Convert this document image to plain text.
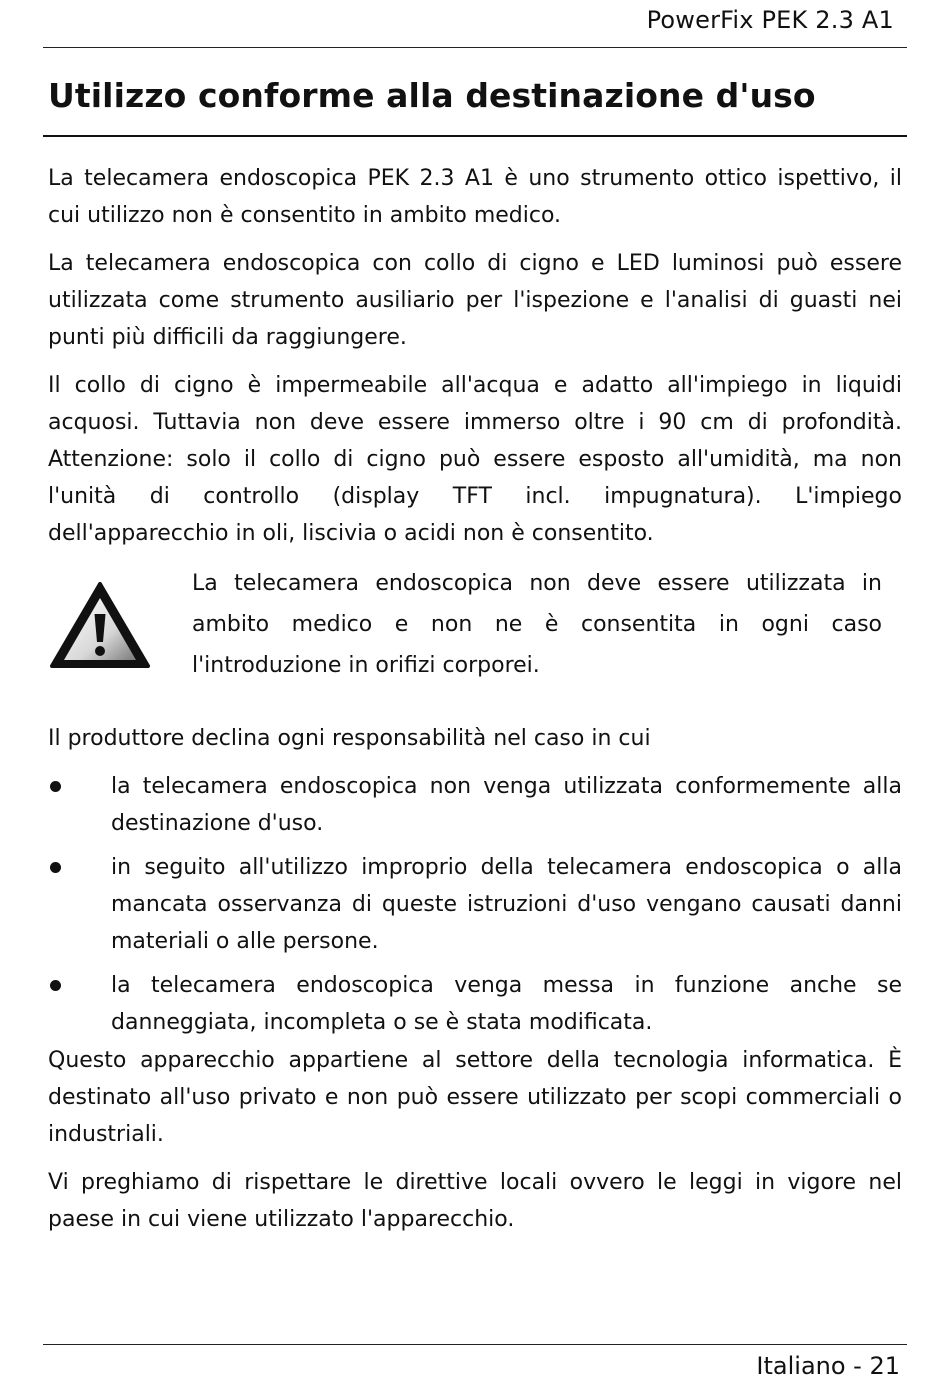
PowerFix PEK 2.3 A1
Utilizzo conforme alla destinazione d'uso

La telecamera endoscopica PEK 2.3 A1 è uno strumento ottico ispettivo, il cui utilizzo non è consentito in ambito medico.

La telecamera endoscopica con collo di cigno e LED luminosi può essere utilizzata come strumento ausiliario per l'ispezione e l'analisi di guasti nei punti più difficili da raggiungere.

Il collo di cigno è impermeabile all'acqua e adatto all'impiego in liquidi acquosi. Tuttavia non deve essere immerso oltre i 90 cm di profondità. Attenzione: solo il collo di cigno può essere esposto all'umidità, ma non l'unità di controllo (display TFT incl. impugnatura). L'impiego dell'apparecchio in oli, liscivia o acidi non è consentito.

La telecamera endoscopica non deve essere utilizzata in ambito medico e non ne è consentita in ogni caso l'introduzione in orifizi corporei.

Il produttore declina ogni responsabilità nel caso in cui

la telecamera endoscopica non venga utilizzata conformemente alla destinazione d'uso.
in seguito all'utilizzo improprio della telecamera endoscopica o alla mancata osservanza di queste istruzioni d'uso vengano causati danni materiali o alle persone.
la telecamera endoscopica venga messa in funzione anche se danneggiata, incompleta o se è stata modificata.

Questo apparecchio appartiene al settore della tecnologia informatica. È destinato all'uso privato e non può essere utilizzato per scopi commerciali o industriali.

Vi preghiamo di rispettare le direttive locali ovvero le leggi in vigore nel paese in cui viene utilizzato l'apparecchio.

Italiano - 21
